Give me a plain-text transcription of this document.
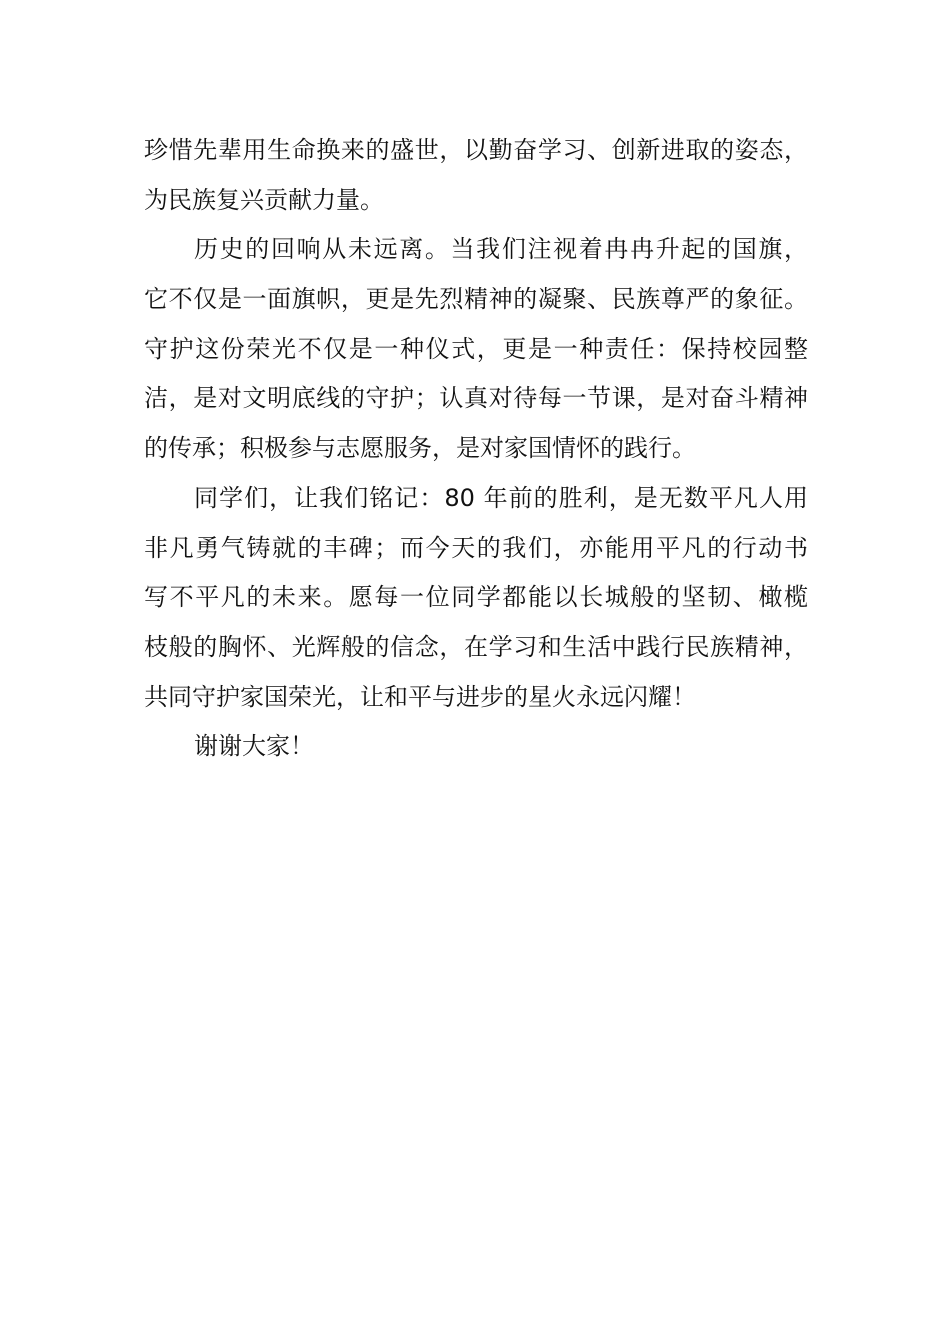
珍惜先辈用生命换来的盛世，以勤奋学习、创新进取的姿态，
为民族复兴贡献力量。
历史的回响从未远离。当我们注视着冉冉升起的国旗，
它不仅是一面旗帜，更是先烈精神的凝聚、民族尊严的象征。
守护这份荣光不仅是一种仪式，更是一种责任：保持校园整
洁，是对文明底线的守护；认真对待每一节课，是对奋斗精神
的传承；积极参与志愿服务，是对家国情怀的践行。
同学们，让我们铭记：80 年前的胜利，是无数平凡人用
非凡勇气铸就的丰碑；而今天的我们，亦能用平凡的行动书
写不平凡的未来。愿每一位同学都能以长城般的坚韧、橄榄
枝般的胸怀、光辉般的信念，在学习和生活中践行民族精神，
共同守护家国荣光，让和平与进步的星火永远闪耀！
谢谢大家！
